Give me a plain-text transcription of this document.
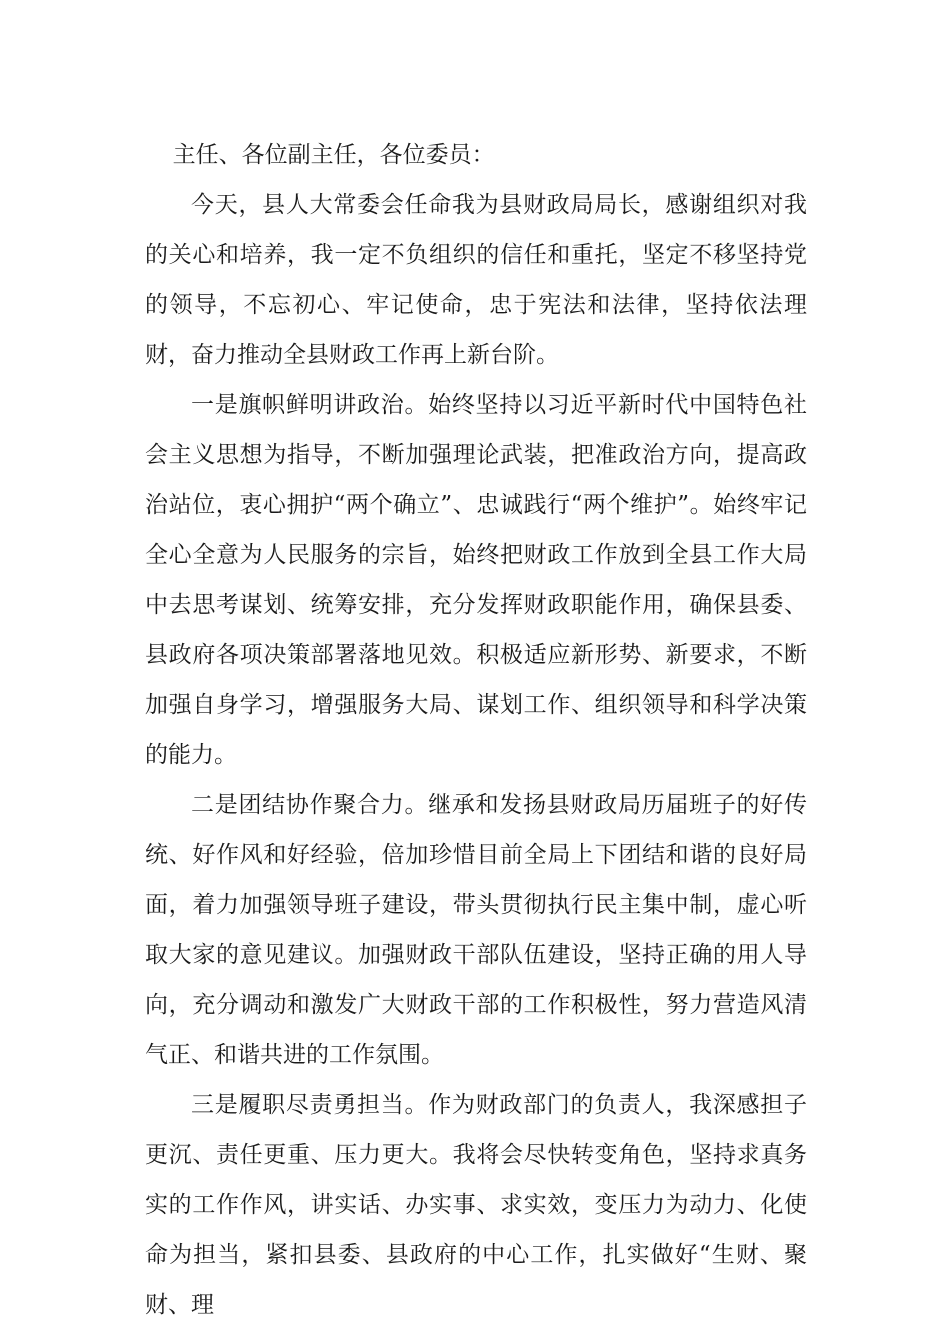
主任、各位副主任，各位委员：

今天，县人大常委会任命我为县财政局局长，感谢组织对我的关心和培养，我一定不负组织的信任和重托，坚定不移坚持党的领导，不忘初心、牢记使命，忠于宪法和法律，坚持依法理财，奋力推动全县财政工作再上新台阶。

一是旗帜鲜明讲政治。始终坚持以习近平新时代中国特色社会主义思想为指导，不断加强理论武装，把准政治方向，提高政治站位，衷心拥护“两个确立”、忠诚践行“两个维护”。始终牢记全心全意为人民服务的宗旨，始终把财政工作放到全县工作大局中去思考谋划、统筹安排，充分发挥财政职能作用，确保县委、县政府各项决策部署落地见效。积极适应新形势、新要求，不断加强自身学习，增强服务大局、谋划工作、组织领导和科学决策的能力。

二是团结协作聚合力。继承和发扬县财政局历届班子的好传统、好作风和好经验，倍加珍惜目前全局上下团结和谐的良好局面，着力加强领导班子建设，带头贯彻执行民主集中制，虚心听取大家的意见建议。加强财政干部队伍建设，坚持正确的用人导向，充分调动和激发广大财政干部的工作积极性，努力营造风清气正、和谐共进的工作氛围。

三是履职尽责勇担当。作为财政部门的负责人，我深感担子更沉、责任更重、压力更大。我将会尽快转变角色，坚持求真务实的工作作风，讲实话、办实事、求实效，变压力为动力、化使命为担当，紧扣县委、县政府的中心工作，扎实做好“生财、聚财、理
